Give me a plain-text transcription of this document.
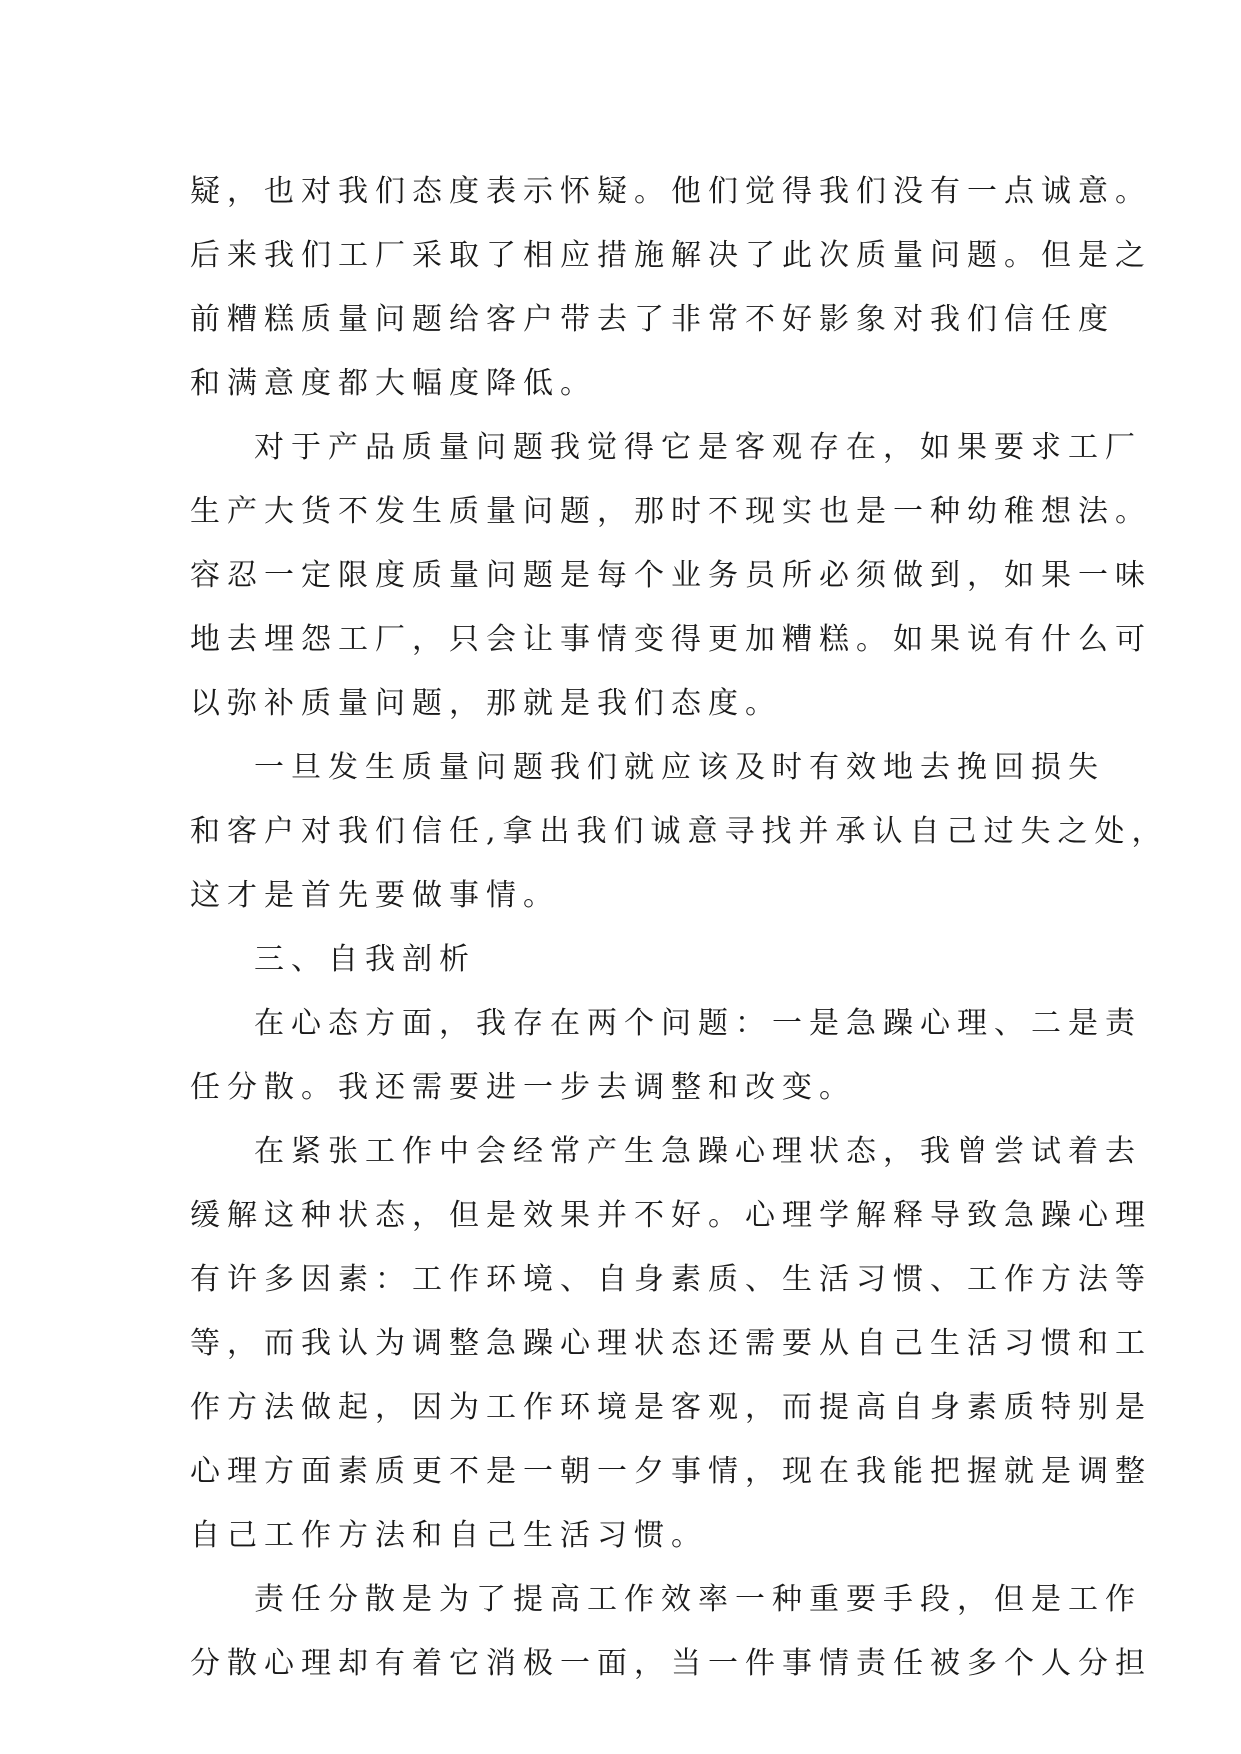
疑，也对我们态度表示怀疑。他们觉得我们没有一点诚意。
后来我们工厂采取了相应措施解决了此次质量问题。但是之
前糟糕质量问题给客户带去了非常不好影象对我们信任度
和满意度都大幅度降低。
对于产品质量问题我觉得它是客观存在，如果要求工厂
生产大货不发生质量问题，那时不现实也是一种幼稚想法。
容忍一定限度质量问题是每个业务员所必须做到，如果一味
地去埋怨工厂，只会让事情变得更加糟糕。如果说有什么可
以弥补质量问题，那就是我们态度。
一旦发生质量问题我们就应该及时有效地去挽回损失
和客户对我们信任,拿出我们诚意寻找并承认自己过失之处，
这才是首先要做事情。
三、自我剖析
在心态方面，我存在两个问题：一是急躁心理、二是责
任分散。我还需要进一步去调整和改变。
在紧张工作中会经常产生急躁心理状态，我曾尝试着去
缓解这种状态，但是效果并不好。心理学解释导致急躁心理
有许多因素：工作环境、自身素质、生活习惯、工作方法等
等，而我认为调整急躁心理状态还需要从自己生活习惯和工
作方法做起，因为工作环境是客观，而提高自身素质特别是
心理方面素质更不是一朝一夕事情，现在我能把握就是调整
自己工作方法和自己生活习惯。
责任分散是为了提高工作效率一种重要手段，但是工作
分散心理却有着它消极一面，当一件事情责任被多个人分担
